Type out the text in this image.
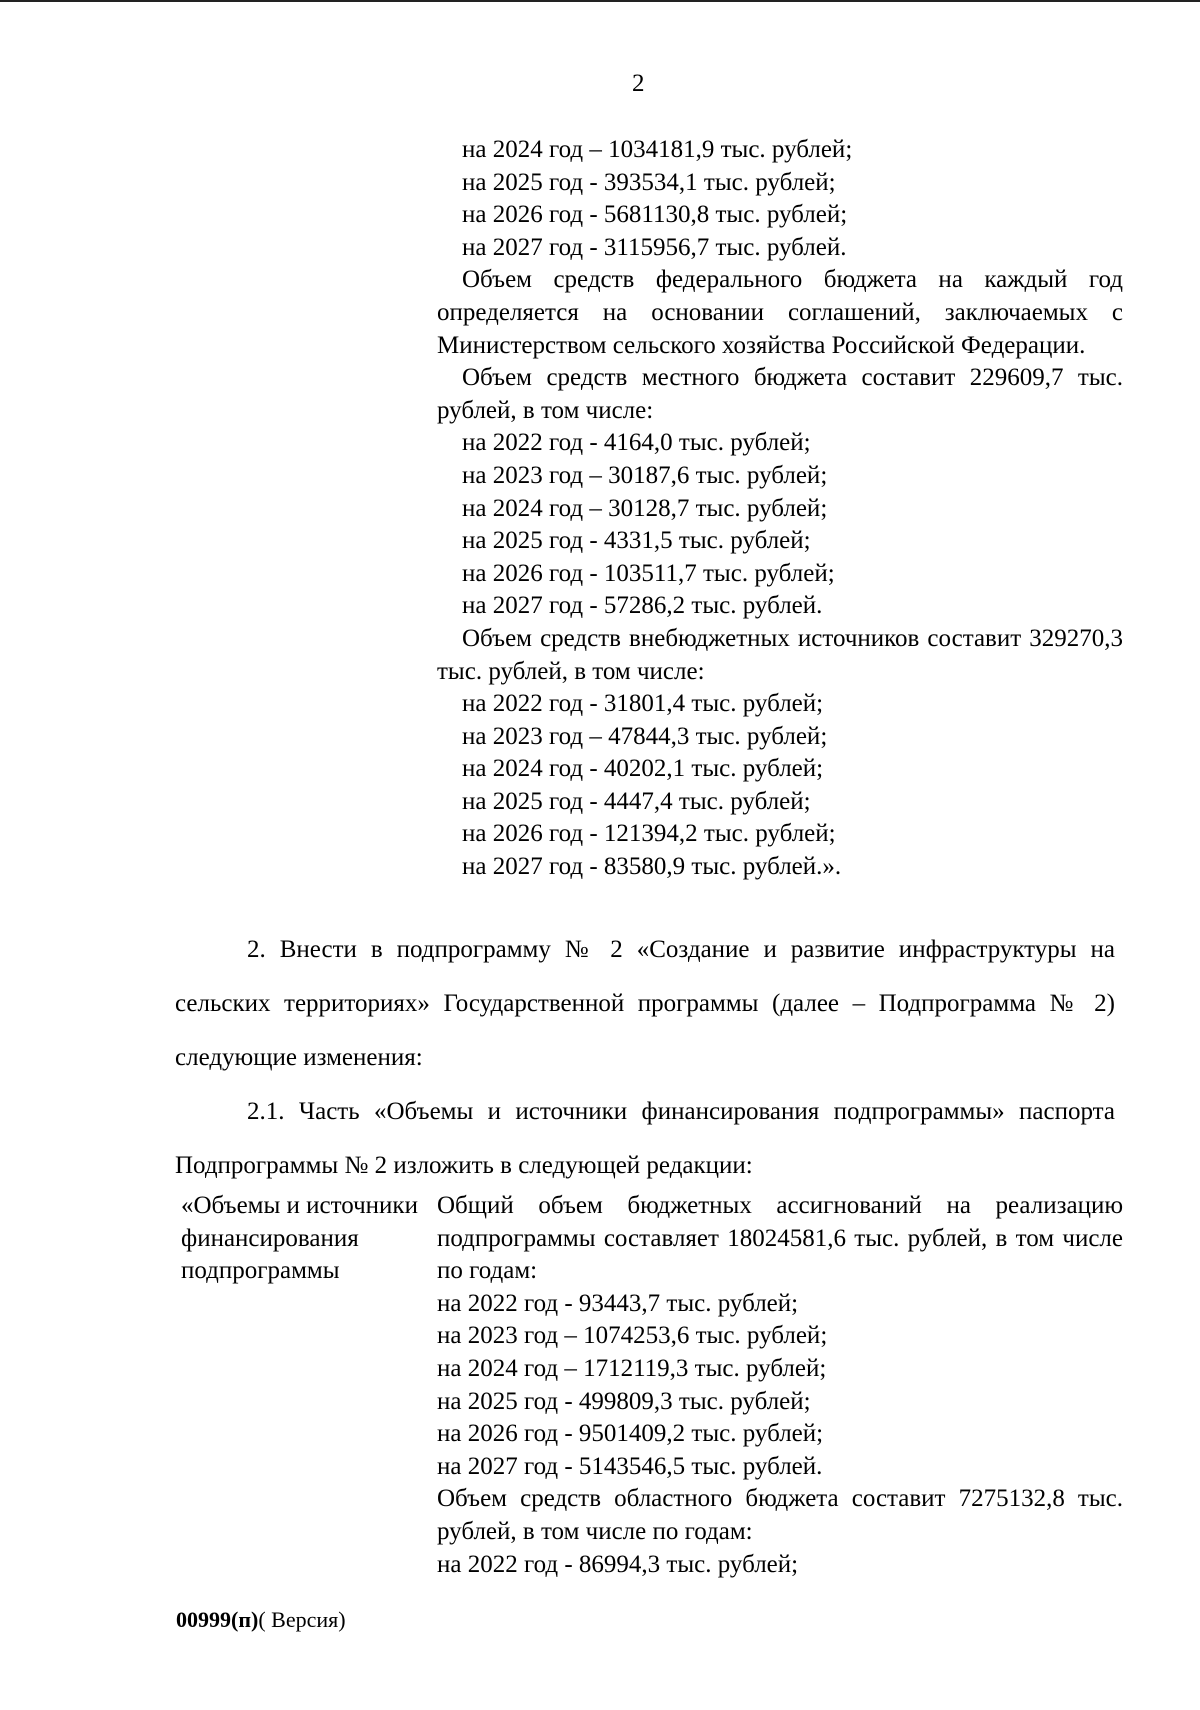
2
на 2024 год – 1034181,9 тыс. рублей;
на 2025 год - 393534,1 тыс. рублей;
на 2026 год - 5681130,8 тыс. рублей;
на 2027 год - 3115956,7 тыс. рублей.
Объем средств федерального бюджета на каждый год определяется на основании соглашений, заключаемых с Министерством сельского хозяйства Российской Федерации.
Объем средств местного бюджета составит 229609,7 тыс. рублей, в том числе:
на 2022 год - 4164,0 тыс. рублей;
на 2023 год – 30187,6 тыс. рублей;
на 2024 год – 30128,7 тыс. рублей;
на 2025 год - 4331,5 тыс. рублей;
на 2026 год - 103511,7 тыс. рублей;
на 2027 год - 57286,2 тыс. рублей.
Объем средств внебюджетных источников составит 329270,3 тыс. рублей, в том числе:
на 2022 год - 31801,4 тыс. рублей;
на 2023 год – 47844,3 тыс. рублей;
на 2024 год - 40202,1 тыс. рублей;
на 2025 год - 4447,4 тыс. рублей;
на 2026 год - 121394,2 тыс. рублей;
на 2027 год - 83580,9 тыс. рублей.».
2. Внести в подпрограмму № 2 «Создание и развитие инфраструктуры на сельских территориях» Государственной программы (далее – Подпрограмма № 2) следующие изменения:
2.1. Часть «Объемы и источники финансирования подпрограммы» паспорта Подпрограммы № 2 изложить в следующей редакции:
«Объемы и источники финансирования подпрограммы
Общий объем бюджетных ассигнований на реализацию подпрограммы составляет 18024581,6 тыс. рублей, в том числе по годам:
на 2022 год - 93443,7 тыс. рублей;
на 2023 год – 1074253,6 тыс. рублей;
на 2024 год – 1712119,3 тыс. рублей;
на 2025 год - 499809,3 тыс. рублей;
на 2026 год - 9501409,2 тыс. рублей;
на 2027 год - 5143546,5 тыс. рублей.
Объем средств областного бюджета составит 7275132,8 тыс. рублей, в том числе по годам:
на 2022 год - 86994,3 тыс. рублей;
00999(п)( Версия)
